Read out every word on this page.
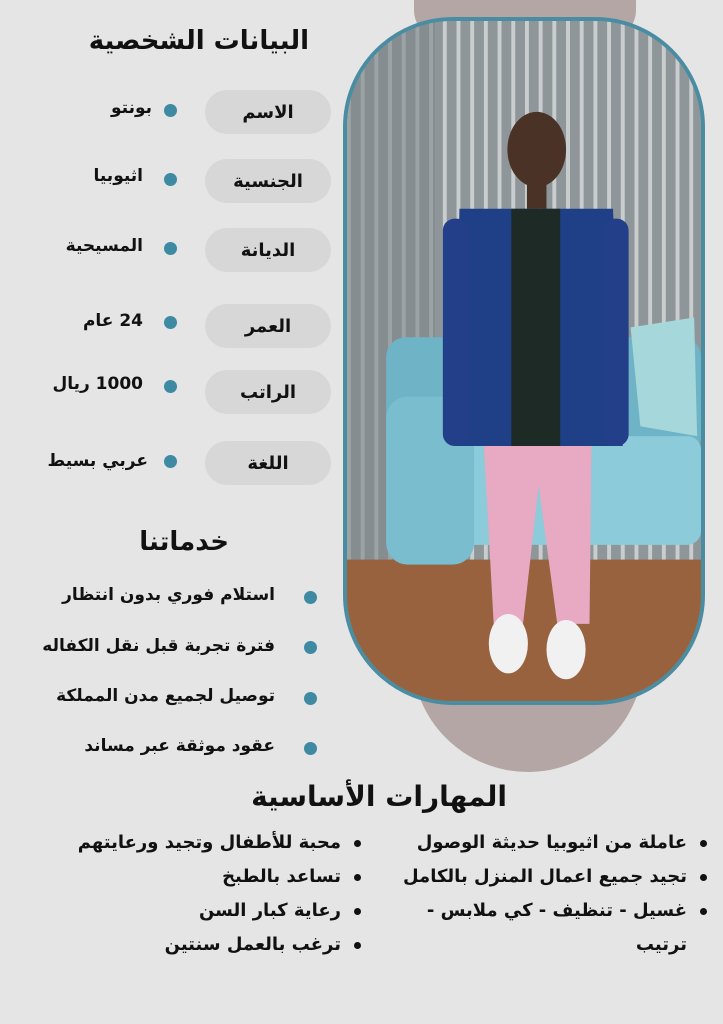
البيانات الشخصية
الاسم
بونتو
الجنسية
اثيوبيا
الديانة
المسيحية
العمر
24 عام
الراتب
1000 ريال
اللغة
عربي بسيط
خدماتنا
استلام فوري بدون انتظار
فترة تجربة قبل نقل الكفاله
توصيل لجميع مدن المملكة
عقود موثقة عبر مساند
المهارات الأساسية
عاملة من اثيوبيا حديثة الوصول
تجيد جميع اعمال المنزل بالكامل
غسيل - تنظيف - كي ملابس - ترتيب
محبة للأطفال وتجيد ورعايتهم
تساعد بالطبخ
رعاية كبار السن
ترغب بالعمل سنتين
